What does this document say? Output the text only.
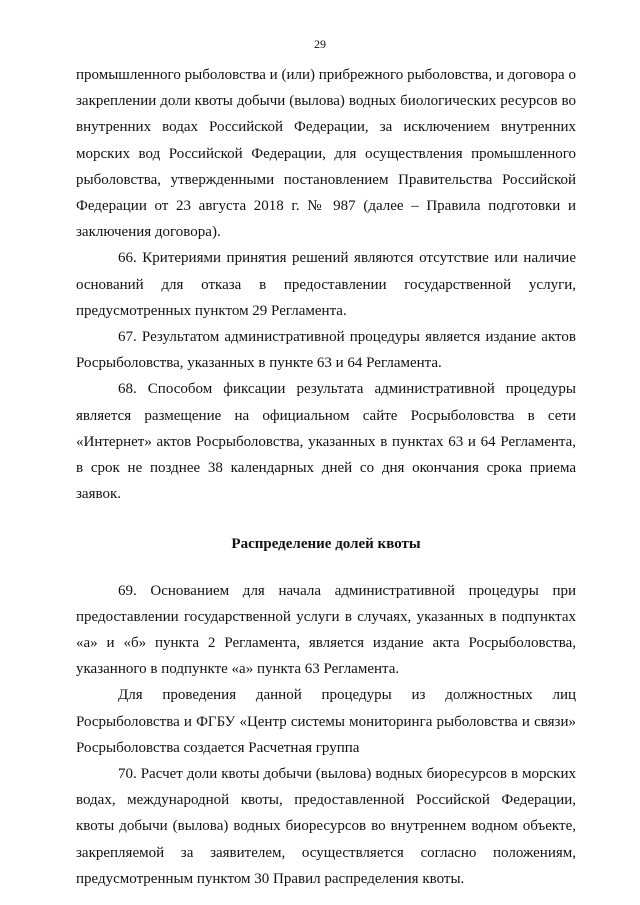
29

промышленного рыболовства и (или) прибрежного рыболовства, и договора о закреплении доли квоты добычи (вылова) водных биологических ресурсов во внутренних водах Российской Федерации, за исключением внутренних морских вод Российской Федерации, для осуществления промышленного рыболовства, утвержденными постановлением Правительства Российской Федерации от 23 августа 2018 г. № 987 (далее – Правила подготовки и заключения договора).

66. Критериями принятия решений являются отсутствие или наличие оснований для отказа в предоставлении государственной услуги, предусмотренных пунктом 29 Регламента.

67. Результатом административной процедуры является издание актов Росрыболовства, указанных в пункте 63 и 64 Регламента.

68. Способом фиксации результата административной процедуры является размещение на официальном сайте Росрыболовства в сети «Интернет» актов Росрыболовства, указанных в пунктах 63 и 64 Регламента, в срок не позднее 38 календарных дней со дня окончания срока приема заявок.

Распределение долей квоты

69. Основанием для начала административной процедуры при предоставлении государственной услуги в случаях, указанных в подпунктах «а» и «б» пункта 2 Регламента, является издание акта Росрыболовства, указанного в подпункте «а» пункта 63 Регламента.

Для проведения данной процедуры из должностных лиц Росрыболовства и ФГБУ «Центр системы мониторинга рыболовства и связи» Росрыболовства создается Расчетная группа

70. Расчет доли квоты добычи (вылова) водных биоресурсов в морских водах, международной квоты, предоставленной Российской Федерации, квоты добычи (вылова) водных биоресурсов во внутреннем водном объекте, закрепляемой за заявителем, осуществляется согласно положениям, предусмотренным пунктом 30 Правил распределения квоты.
